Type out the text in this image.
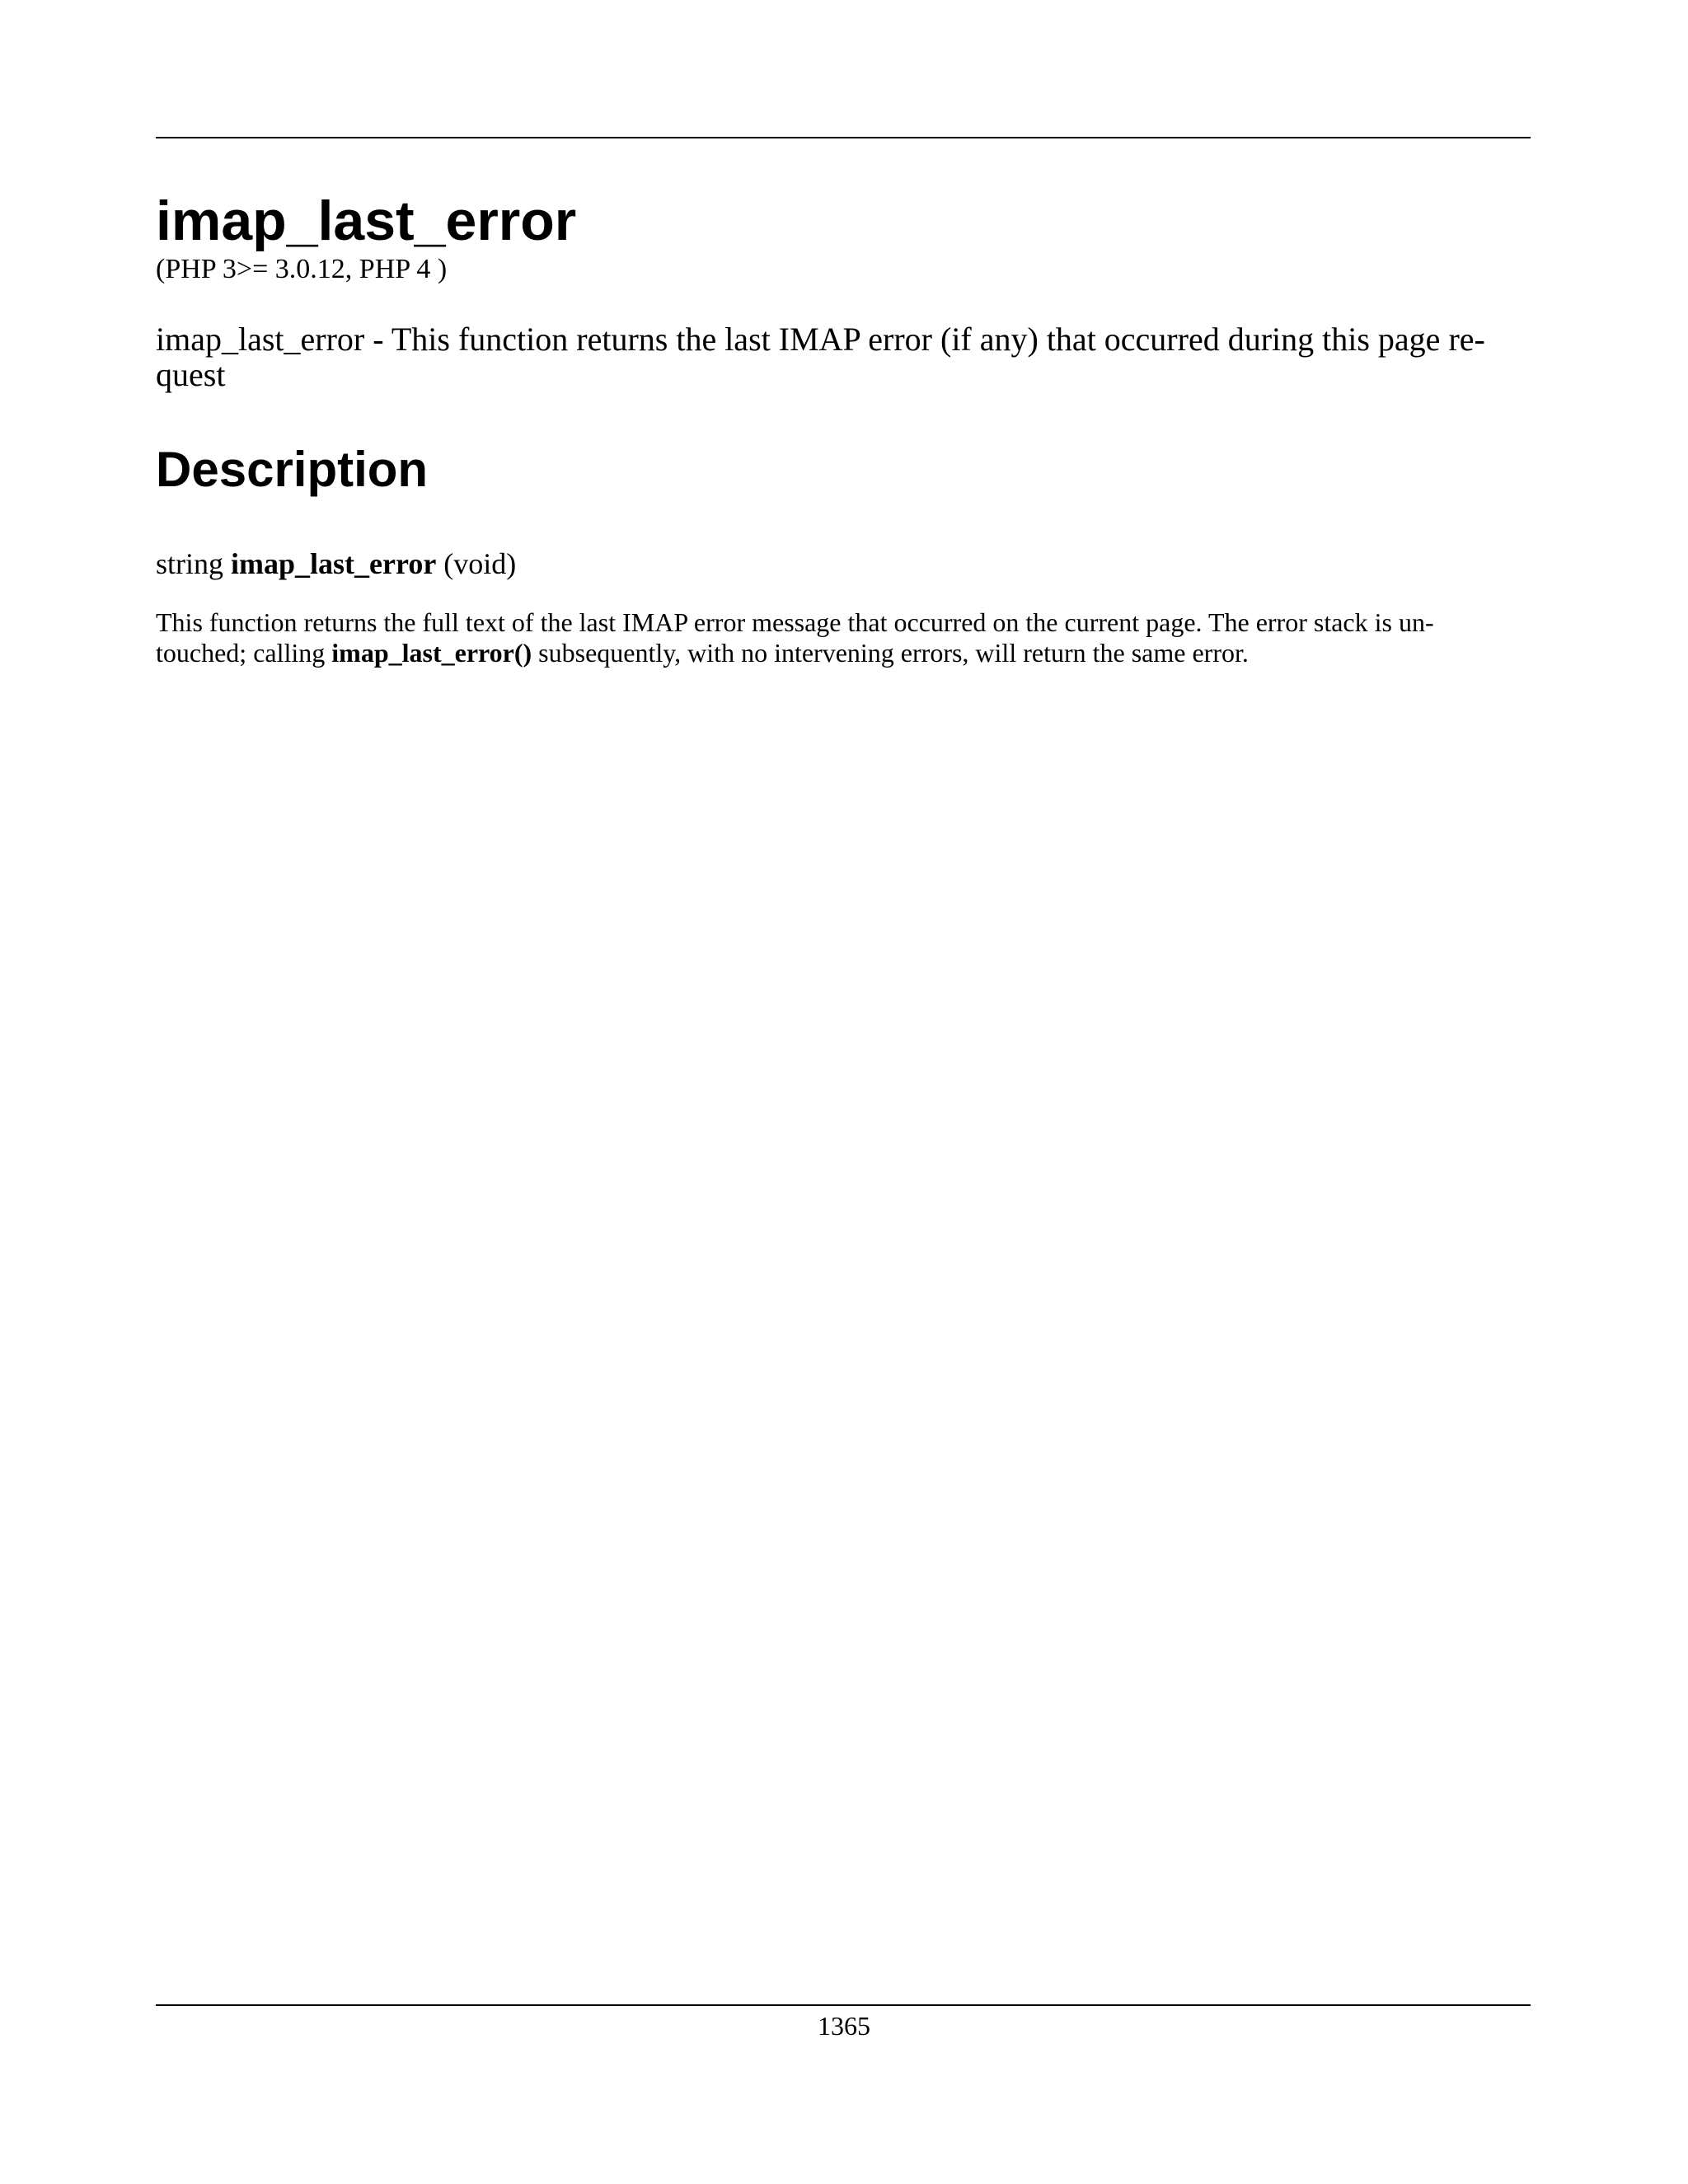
imap_last_error

(PHP 3>= 3.0.12, PHP 4 )

imap_last_error - This function returns the last IMAP error (if any) that occurred during this page re-
quest

Description

string imap_last_error (void)

This function returns the full text of the last IMAP error message that occurred on the current page. The error stack is un-
touched; calling imap_last_error() subsequently, with no intervening errors, will return the same error.

1365
